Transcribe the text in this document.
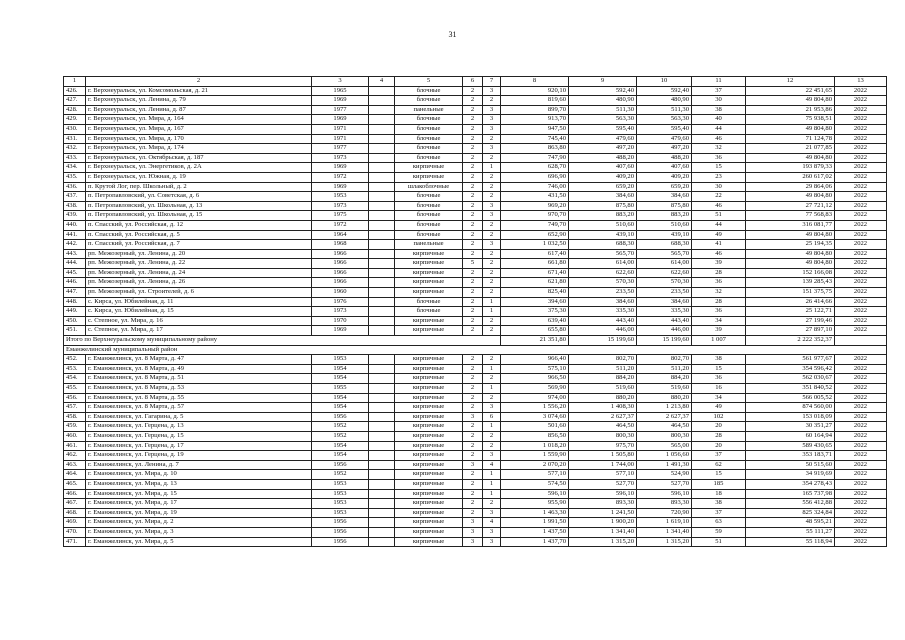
31
1	2	3	4	5	6	7	8	9	10	11	12	13
426.	г. Верхнеуральск, ул. Комсомольская, д. 21	1965		блочные	2	3	920,10	592,40	592,40	37	22 451,65	2022
427.	г. Верхнеуральск, ул. Ленина, д. 79	1969		блочные	2	2	819,60	480,90	480,90	30	49 804,80	2022
428.	г. Верхнеуральск, ул. Ленина, д. 87	1977		панельные	2	3	899,70	511,30	511,30	38	21 953,86	2022
429.	г. Верхнеуральск, ул. Мира, д. 164	1969		блочные	2	3	913,70	563,30	563,30	40	75 938,51	2022
430.	г. Верхнеуральск, ул. Мира, д. 167	1971		блочные	2	3	947,50	595,40	595,40	44	49 804,80	2022
431.	г. Верхнеуральск, ул. Мира, д. 170	1971		блочные	2	2	745,40	479,60	479,60	46	71 124,78	2022
432.	г. Верхнеуральск, ул. Мира, д. 174	1977		блочные	2	3	863,80	497,20	497,20	32	21 077,85	2022
433.	г. Верхнеуральск, ул. Октябрьская, д. 187	1973		блочные	2	2	747,90	488,20	488,20	36	49 804,80	2022
434.	г. Верхнеуральск, ул. Энергетиков, д. 2А	1969		кирпичные	2	1	628,70	407,60	407,60	15	193 879,33	2022
435.	г. Верхнеуральск, ул. Южная, д. 19	1972		кирпичные	2	2	696,90	409,20	409,20	23	260 617,02	2022
436.	п. Крутой Лог, пер. Школьный, д. 2	1969		шлакоблочные	2	2	746,00	659,20	659,20	30	29 864,06	2022
437.	п. Петропавловский, ул. Советская, д. 6	1953		блочные	2	2	431,50	384,60	384,60	22	49 804,80	2022
438.	п. Петропавловский, ул. Школьная, д. 13	1973		блочные	2	3	969,20	875,80	875,80	46	27 721,12	2022
439.	п. Петропавловский, ул. Школьная, д. 15	1975		блочные	2	3	970,70	883,20	883,20	51	77 568,83	2022
440.	п. Спасский, ул. Российская, д. 12	1972		блочные	2	2	749,70	510,60	510,60	44	316 081,77	2022
441.	п. Спасский, ул. Российская, д. 5	1964		блочные	2	2	652,90	439,10	439,10	49	49 804,80	2022
442.	п. Спасский, ул. Российская, д. 7	1968		панельные	2	3	1 032,50	688,30	688,30	41	25 194,35	2022
443.	рп. Межозерный, ул. Ленина, д. 20	1966		кирпичные	2	2	617,40	565,70	565,70	46	49 804,80	2022
444.	рп. Межозерный, ул. Ленина, д. 22	1966		кирпичные	5	2	661,80	614,00	614,00	39	49 804,80	2022
445.	рп. Межозерный, ул. Ленина, д. 24	1966		кирпичные	2	2	671,40	622,60	622,60	28	152 166,08	2022
446.	рп. Межозерный, ул. Ленина, д. 26	1966		кирпичные	2	2	621,80	570,30	570,30	36	139 285,43	2022
447.	рп. Межозерный, ул. Строителей, д. 6	1960		кирпичные	2	2	825,40	233,50	233,50	32	151 375,75	2022
448.	с. Кирса, ул. Юбилейная, д. 11	1976		блочные	2	1	394,60	384,60	384,60	28	26 414,66	2022
449.	с. Кирса, ул. Юбилейная, д. 15	1973		блочные	2	1	375,30	335,30	335,30	36	25 122,71	2022
450.	с. Степное, ул. Мира, д. 16	1970		кирпичные	2	2	639,40	443,40	443,40	34	27 199,46	2022
451.	с. Степное, ул. Мира, д. 17	1969		кирпичные	2	2	655,80	446,00	446,00	39	27 897,10	2022
Итого по Верхнеуральскому муниципальному району							21 351,80	15 199,60	15 199,60	1 007	2 222 352,37	
Еманжелинский муниципальный район												
452.	г. Еманжелинск, ул. 8 Марта, д. 47	1953		кирпичные	2	2	966,40	802,70	802,70	38	561 977,67	2022
453.	г. Еманжелинск, ул. 8 Марта, д. 49	1954		кирпичные	2	1	575,10	511,20	511,20	15	354 596,42	2022
454.	г. Еманжелинск, ул. 8 Марта, д. 51	1954		кирпичные	2	2	966,50	884,20	884,20	36	562 030,67	2022
455.	г. Еманжелинск, ул. 8 Марта, д. 53	1955		кирпичные	2	1	569,90	519,60	519,60	16	351 840,52	2022
456.	г. Еманжелинск, ул. 8 Марта, д. 55	1954		кирпичные	2	2	974,00	880,20	880,20	34	566 005,52	2022
457.	г. Еманжелинск, ул. 8 Марта, д. 57	1954		кирпичные	2	3	1 556,20	1 408,30	1 213,80	49	874 560,00	2022
458.	г. Еманжелинск, ул. Гагарина, д. 5	1956		кирпичные	3	6	3 074,60	2 627,37	2 627,37	102	153 018,09	2022
459.	г. Еманжелинск, ул. Герцена, д. 13	1952		кирпичные	2	1	501,60	464,50	464,50	20	30 351,27	2022
460.	г. Еманжелинск, ул. Герцена, д. 15	1952		кирпичные	2	2	856,50	800,30	800,30	28	60 164,94	2022
461.	г. Еманжелинск, ул. Герцена, д. 17	1954		кирпичные	2	2	1 018,20	975,70	565,00	20	589 430,65	2022
462.	г. Еманжелинск, ул. Герцена, д. 19	1954		кирпичные	2	3	1 559,90	1 505,80	1 056,60	37	353 183,71	2022
463.	г. Еманжелинск, ул. Ленина, д. 7	1956		кирпичные	3	4	2 070,20	1 744,00	1 491,30	62	50 515,60	2022
464.	г. Еманжелинск, ул. Мира, д. 10	1952		кирпичные	2	1	577,10	577,10	524,90	15	34 919,69	2022
465.	г. Еманжелинск, ул. Мира, д. 13	1953		кирпичные	2	1	574,50	527,70	527,70	185	354 278,43	2022
466.	г. Еманжелинск, ул. Мира, д. 15	1953		кирпичные	2	1	596,10	596,10	596,10	18	165 737,98	2022
467.	г. Еманжелинск, ул. Мира, д. 17	1953		кирпичные	2	2	955,90	893,30	893,30	38	556 412,88	2022
468.	г. Еманжелинск, ул. Мира, д. 19	1953		кирпичные	2	3	1 463,30	1 241,50	720,90	37	825 324,84	2022
469.	г. Еманжелинск, ул. Мира, д. 2	1956		кирпичные	3	4	1 991,50	1 900,20	1 619,10	63	48 595,21	2022
470.	г. Еманжелинск, ул. Мира, д. 3	1956		кирпичные	3	3	1 437,50	1 341,40	1 341,40	59	55 111,27	2022
471.	г. Еманжелинск, ул. Мира, д. 5	1956		кирпичные	3	3	1 437,70	1 315,20	1 315,20	51	55 118,94	2022
